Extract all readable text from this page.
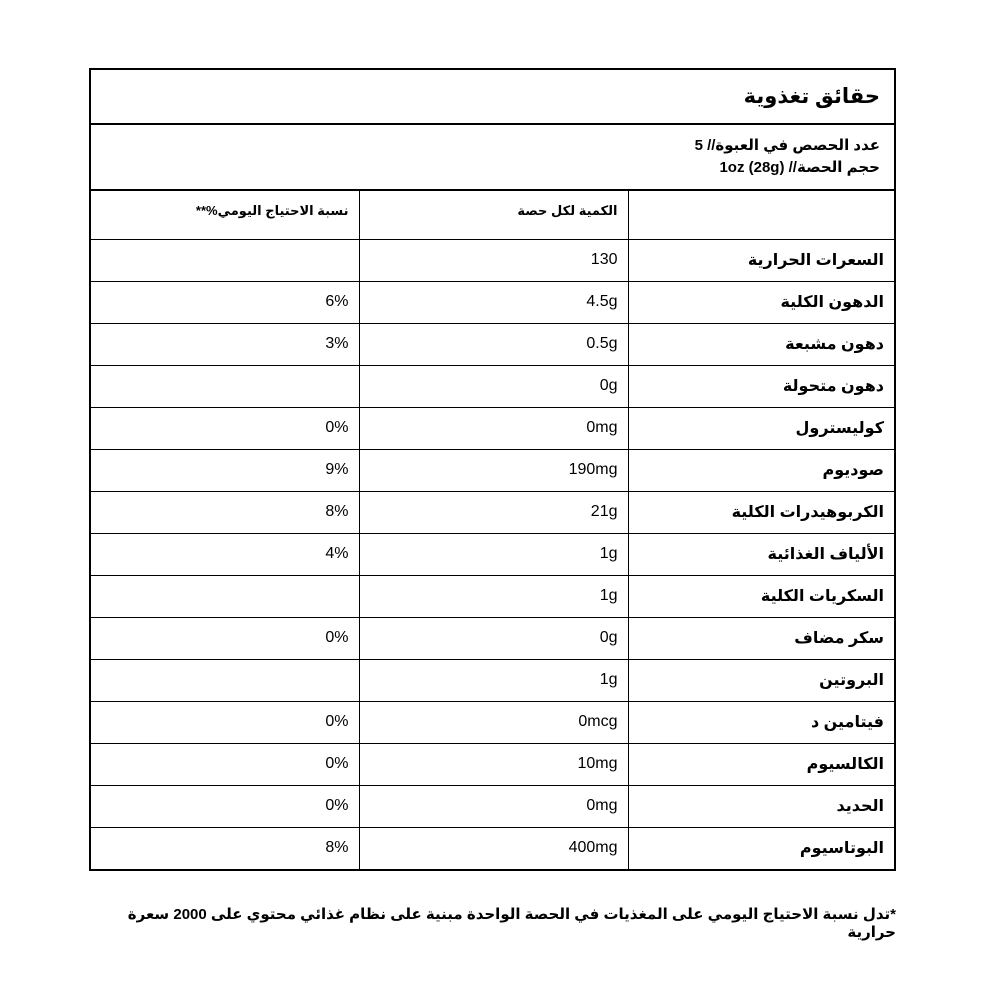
حقائق تغذوية
عدد الحصص في العبوة// 5
حجم الحصة// 1oz (28g)
نسبة الاحتياج اليومي%**	الكمية لكل حصة	
	130	السعرات الحرارية
6%	4.5g	الدهون الكلية
3%	0.5g	دهون مشبعة
	0g	دهون متحولة
0%	0mg	كوليسترول
9%	190mg	صوديوم
8%	21g	الكربوهيدرات الكلية
4%	1g	الألياف الغذائية
	1g	السكريات الكلية
0%	0g	سكر مضاف
	1g	البروتين
0%	0mcg	فيتامين د
0%	10mg	الكالسيوم
0%	0mg	الحديد
8%	400mg	البوتاسيوم
*تدل نسبة الاحتياج اليومي على المغذيات في الحصة الواحدة مبنية على نظام غذائي محتوي على 2000 سعرة حرارية
